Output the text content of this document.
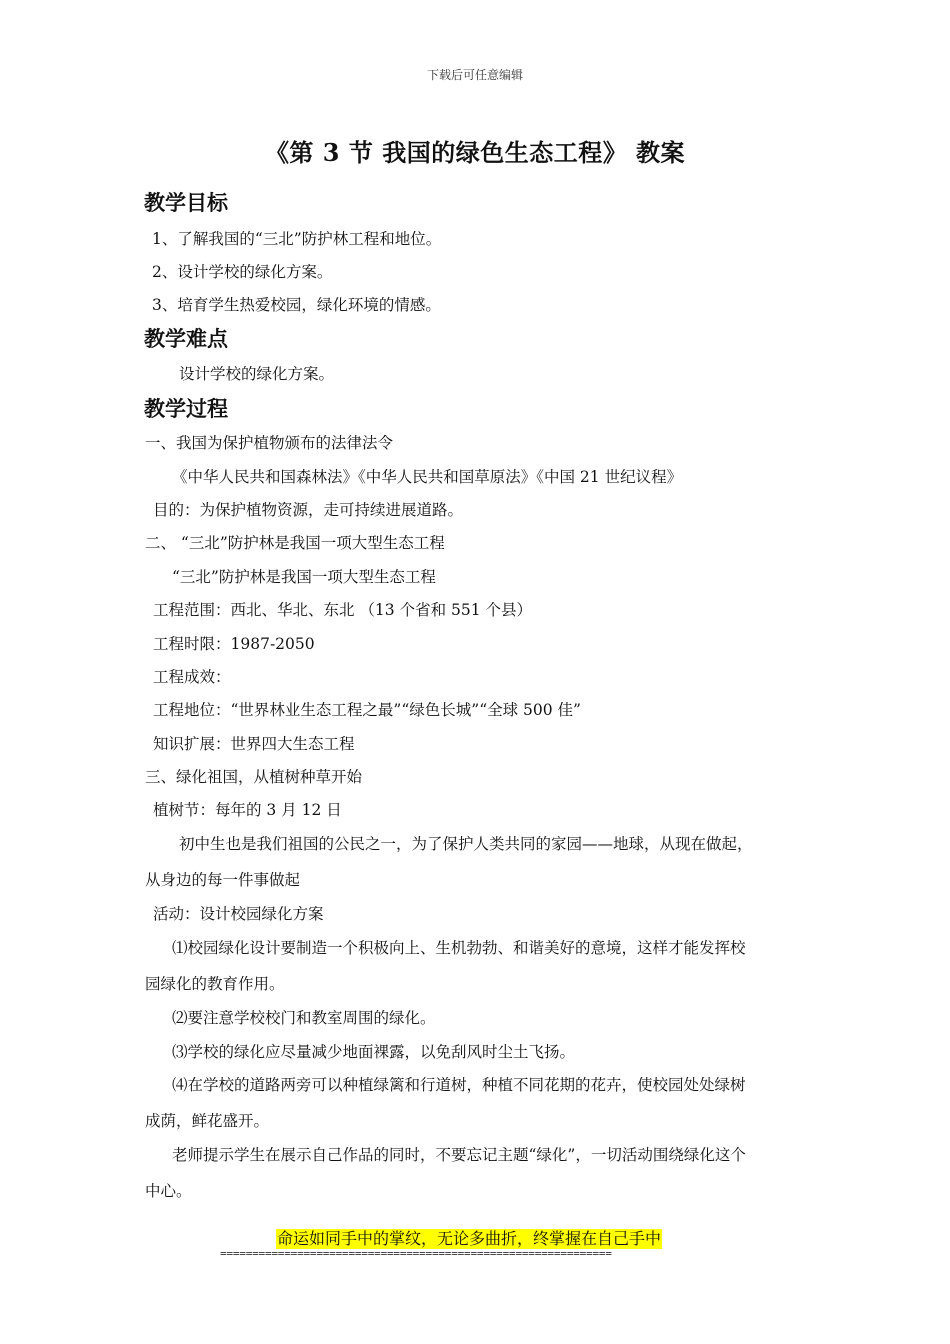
下载后可任意编辑
《第 3 节 我国的绿色生态工程》 教案
教学目标
1、了解我国的“三北”防护林工程和地位。
2、设计学校的绿化方案。
3、培育学生热爱校园，绿化环境的情感。
教学难点
设计学校的绿化方案。
教学过程
一、我国为保护植物颁布的法律法令
《中华人民共和国森林法》《中华人民共和国草原法》《中国 21 世纪议程》
目的：为保护植物资源，走可持续进展道路。
二、 “三北”防护林是我国一项大型生态工程
“三北”防护林是我国一项大型生态工程
工程范围：西北、华北、东北 （13 个省和 551 个县）
工程时限：1987-2050
工程成效：
工程地位：“世界林业生态工程之最”“绿色长城”“全球 500 佳”
知识扩展：世界四大生态工程
三、绿化祖国，从植树种草开始
植树节：每年的 3 月 12 日
初中生也是我们祖国的公民之一，为了保护人类共同的家园——地球，从现在做起，
从身边的每一件事做起
活动：设计校园绿化方案
⑴校园绿化设计要制造一个积极向上、生机勃勃、和谐美好的意境，这样才能发挥校
园绿化的教育作用。
⑵要注意学校校门和教室周围的绿化。
⑶学校的绿化应尽量减少地面裸露，以免刮风时尘土飞扬。
⑷在学校的道路两旁可以种植绿篱和行道树，种植不同花期的花卉，使校园处处绿树
成荫，鲜花盛开。
老师提示学生在展示自己作品的同时，不要忘记主题“绿化”，一切活动围绕绿化这个
中心。
命运如同手中的掌纹，无论多曲折，终掌握在自己手中
=============================================================
